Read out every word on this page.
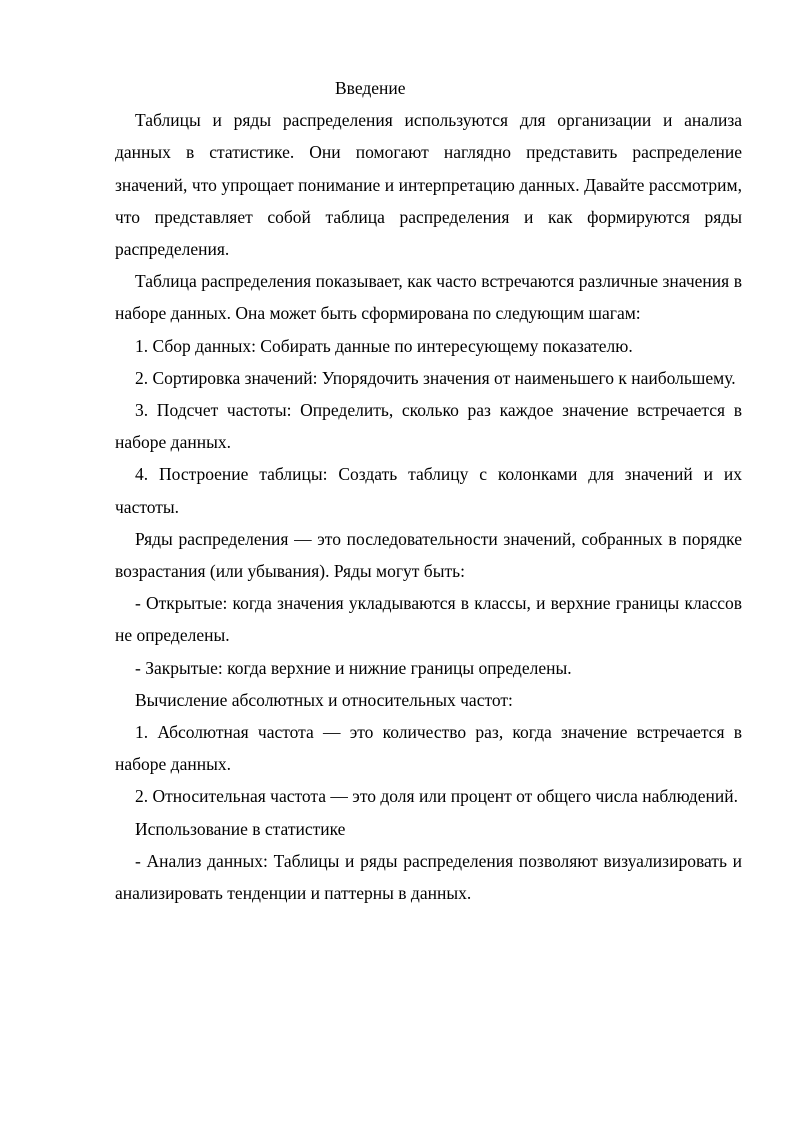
Введение

Таблицы и ряды распределения используются для организации и анализа данных в статистике. Они помогают наглядно представить распределение значений, что упрощает понимание и интерпретацию данных. Давайте рассмотрим, что представляет собой таблица распределения и как формируются ряды распределения.

Таблица распределения показывает, как часто встречаются различные значения в наборе данных. Она может быть сформирована по следующим шагам:

1. Сбор данных: Собирать данные по интересующему показателю.

2. Сортировка значений: Упорядочить значения от наименьшего к наибольшему.

3. Подсчет частоты: Определить, сколько раз каждое значение встречается в наборе данных.

4. Построение таблицы: Создать таблицу с колонками для значений и их частоты.

Ряды распределения — это последовательности значений, собранных в порядке возрастания (или убывания). Ряды могут быть:

- Открытые: когда значения укладываются в классы, и верхние границы классов не определены.

- Закрытые: когда верхние и нижние границы определены.

Вычисление абсолютных и относительных частот:

1. Абсолютная частота — это количество раз, когда значение встречается в наборе данных.

2. Относительная частота — это доля или процент от общего числа наблюдений.

Использование в статистике

- Анализ данных: Таблицы и ряды распределения позволяют визуализировать и анализировать тенденции и паттерны в данных.
